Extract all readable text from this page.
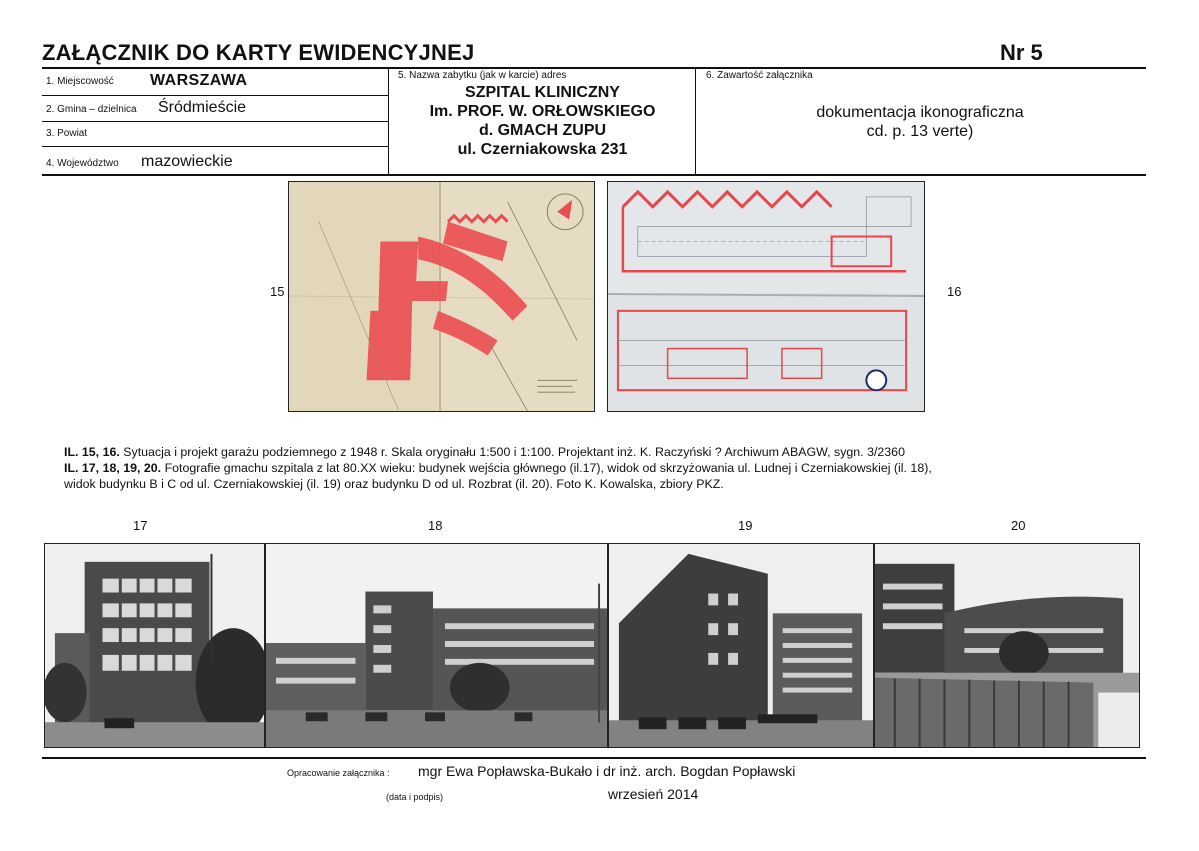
ZAŁĄCZNIK DO KARTY EWIDENCYJNEJ	Nr 5
1. Miejscowość WARSZAWA
2. Gmina – dzielnica Śródmieście
3. Powiat
4. Województwo mazowieckie
5. Nazwa zabytku (jak w karcie) adres
SZPITAL KLINICZNY
Im. PROF. W. ORŁOWSKIEGO
d. GMACH ZUPU
ul. Czerniakowska 231
6. Zawartość załącznika
dokumentacja ikonograficzna
cd. p. 13 verte)
15	16
IL. 15, 16. Sytuacja i projekt garażu podziemnego z 1948 r. Skala oryginału 1:500 i 1:100. Projektant inż. K. Raczyński ? Archiwum ABAGW, sygn. 3/2360
IL. 17, 18, 19, 20. Fotografie gmachu szpitala z lat 80.XX wieku: budynek wejścia głównego (il.17), widok od skrzyżowania ul. Ludnej i Czerniakowskiej (il. 18),
widok budynku B i C od ul. Czerniakowskiej (il. 19) oraz budynku D od ul. Rozbrat (il. 20). Foto K. Kowalska, zbiory PKZ.
17	18	19	20
Opracowanie załącznika : mgr Ewa Popławska-Bukało i dr inż. arch. Bogdan Popławski
(data i podpis)	wrzesień 2014
